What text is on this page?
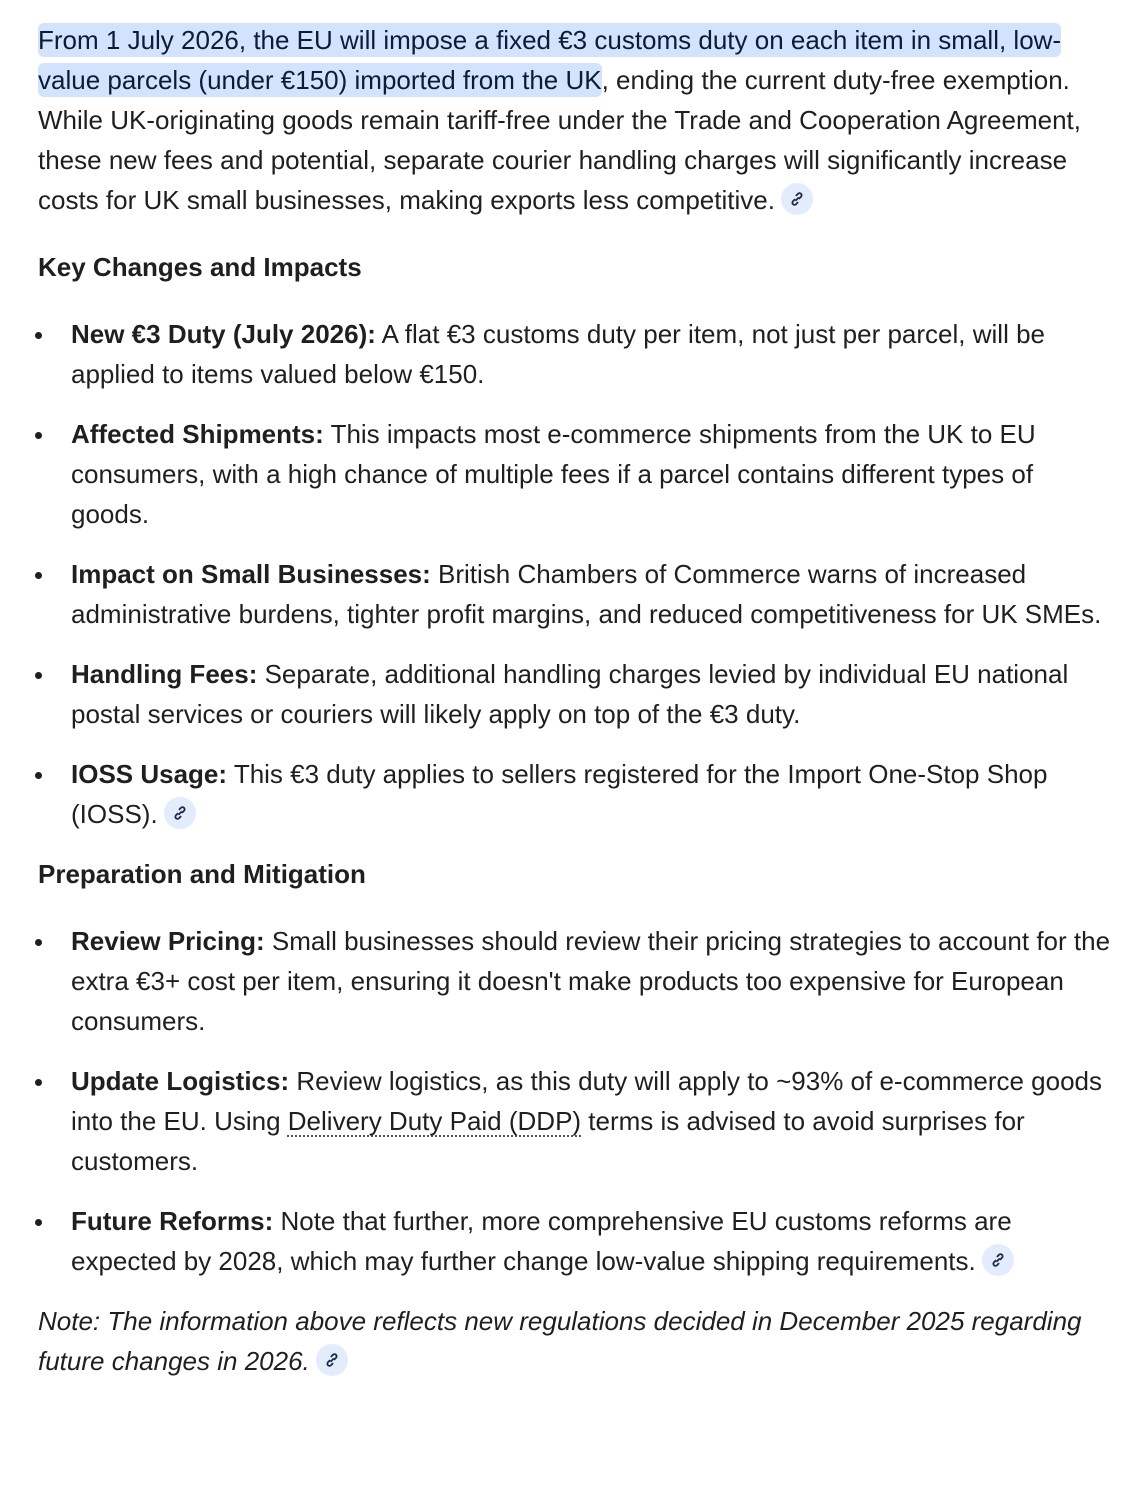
From 1 July 2026, the EU will impose a fixed €3 customs duty on each item in small, low-value parcels (under €150) imported from the UK, ending the current duty-free exemption. While UK-originating goods remain tariff-free under the Trade and Cooperation Agreement, these new fees and potential, separate courier handling charges will significantly increase costs for UK small businesses, making exports less competitive.

Key Changes and Impacts
New €3 Duty (July 2026): A flat €3 customs duty per item, not just per parcel, will be applied to items valued below €150.
Affected Shipments: This impacts most e-commerce shipments from the UK to EU consumers, with a high chance of multiple fees if a parcel contains different types of goods.
Impact on Small Businesses: British Chambers of Commerce warns of increased administrative burdens, tighter profit margins, and reduced competitiveness for UK SMEs.
Handling Fees: Separate, additional handling charges levied by individual EU national postal services or couriers will likely apply on top of the €3 duty.
IOSS Usage: This €3 duty applies to sellers registered for the Import One-Stop Shop (IOSS).
Preparation and Mitigation
Review Pricing: Small businesses should review their pricing strategies to account for the extra €3+ cost per item, ensuring it doesn't make products too expensive for European consumers.
Update Logistics: Review logistics, as this duty will apply to ~93% of e-commerce goods into the EU. Using Delivery Duty Paid (DDP) terms is advised to avoid surprises for customers.
Future Reforms: Note that further, more comprehensive EU customs reforms are expected by 2028, which may further change low-value shipping requirements.

Note: The information above reflects new regulations decided in December 2025 regarding future changes in 2026.
